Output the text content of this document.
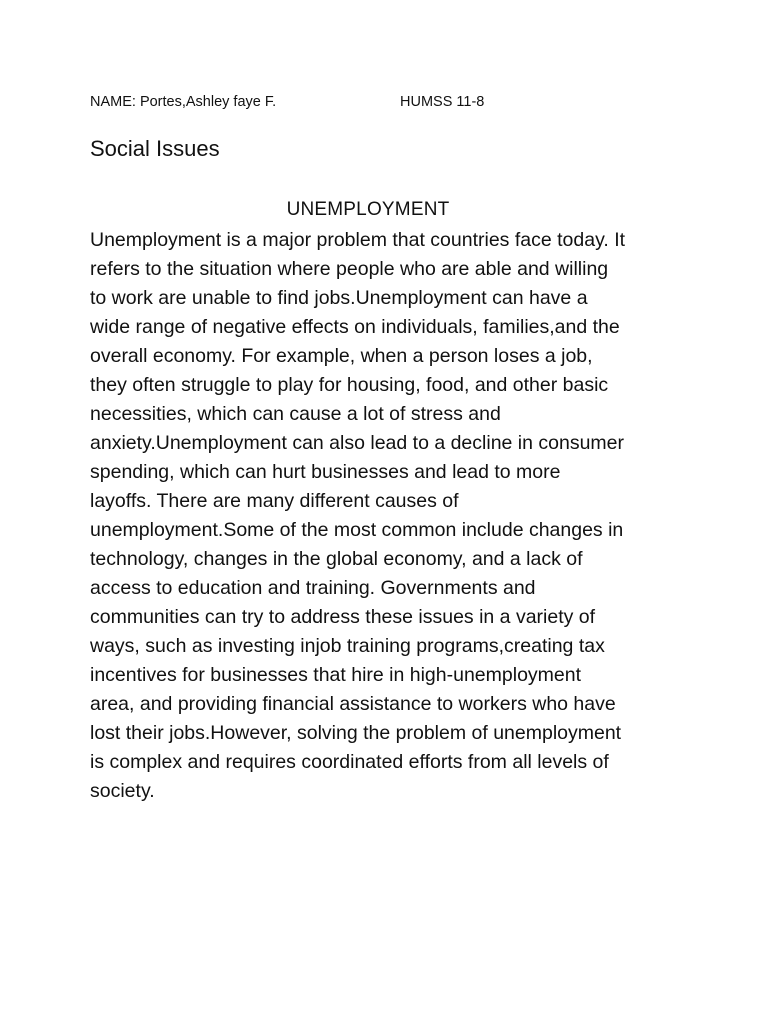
NAME: Portes,Ashley faye F.	HUMSS 11-8
Social Issues
UNEMPLOYMENT
Unemployment is a major problem that countries face today. It
refers to the situation where people who are able and willing
to work are unable to find jobs.Unemployment can have a
wide range of negative effects on individuals, families,and the
overall economy. For example, when a person loses a job,
they often struggle to play for housing, food, and other basic
necessities, which can cause a lot of stress and
anxiety.Unemployment can also lead to a decline in consumer
spending, which can hurt businesses and lead to more
layoffs. There are many different causes of
unemployment.Some of the most common include changes in
technology, changes in the global economy, and a lack of
access to education and training. Governments and
communities can try to address these issues in a variety of
ways, such as investing injob training programs,creating tax
incentives for businesses that hire in high-unemployment
area, and providing financial assistance to workers who have
lost their jobs.However, solving the problem of unemployment
is complex and requires coordinated efforts from all levels of
society.
